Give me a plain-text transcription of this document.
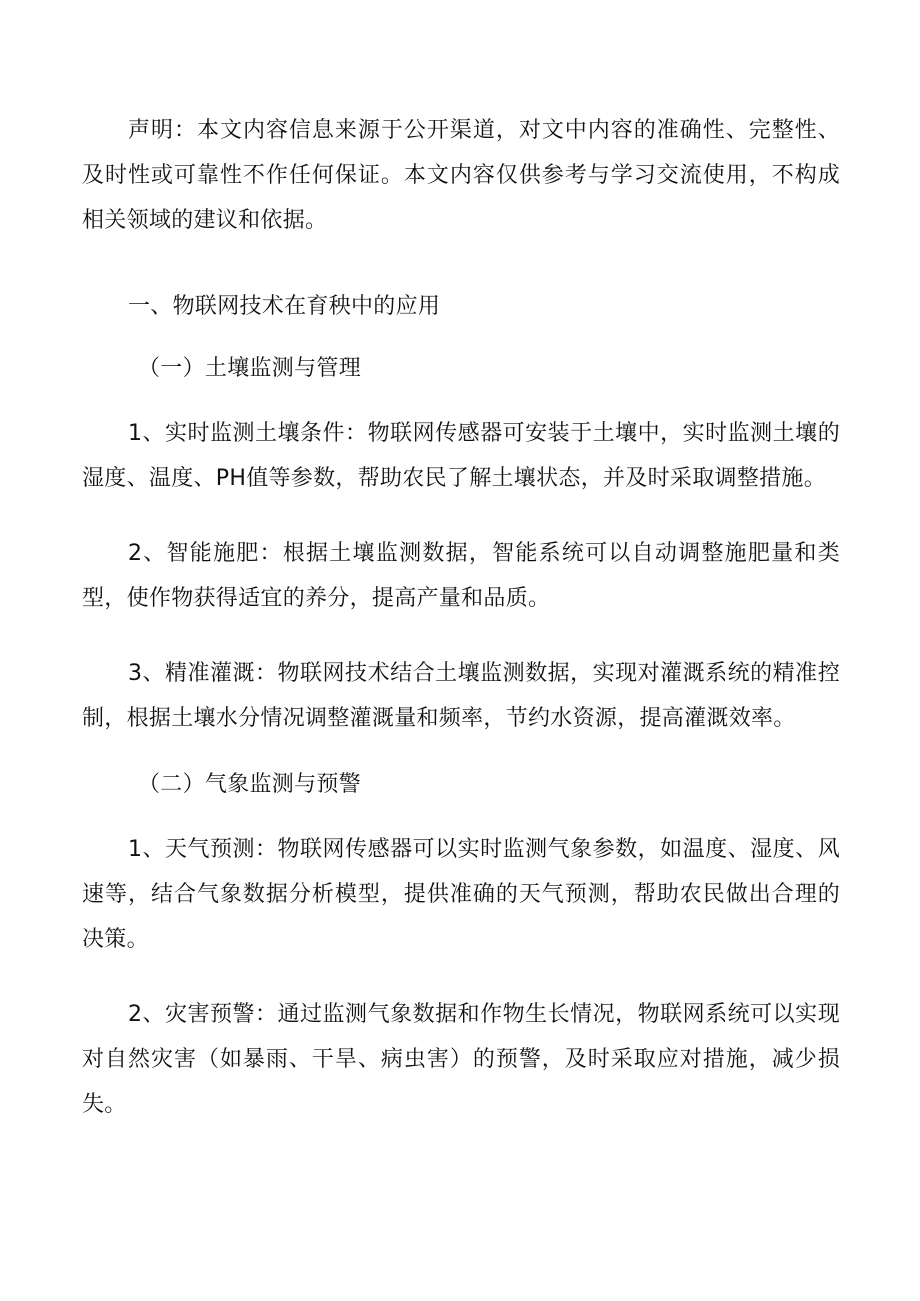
声明：本文内容信息来源于公开渠道，对文中内容的准确性、完整性、及时性或可靠性不作任何保证。本文内容仅供参考与学习交流使用，不构成相关领域的建议和依据。

一、物联网技术在育秧中的应用
（一）土壤监测与管理

1、实时监测土壤条件：物联网传感器可安装于土壤中，实时监测土壤的湿度、温度、PH值等参数，帮助农民了解土壤状态，并及时采取调整措施。

2、智能施肥：根据土壤监测数据，智能系统可以自动调整施肥量和类型，使作物获得适宜的养分，提高产量和品质。

3、精准灌溉：物联网技术结合土壤监测数据，实现对灌溉系统的精准控制，根据土壤水分情况调整灌溉量和频率，节约水资源，提高灌溉效率。

（二）气象监测与预警

1、天气预测：物联网传感器可以实时监测气象参数，如温度、湿度、风速等，结合气象数据分析模型，提供准确的天气预测，帮助农民做出合理的决策。

2、灾害预警：通过监测气象数据和作物生长情况，物联网系统可以实现对自然灾害（如暴雨、干旱、病虫害）的预警，及时采取应对措施，减少损失。
